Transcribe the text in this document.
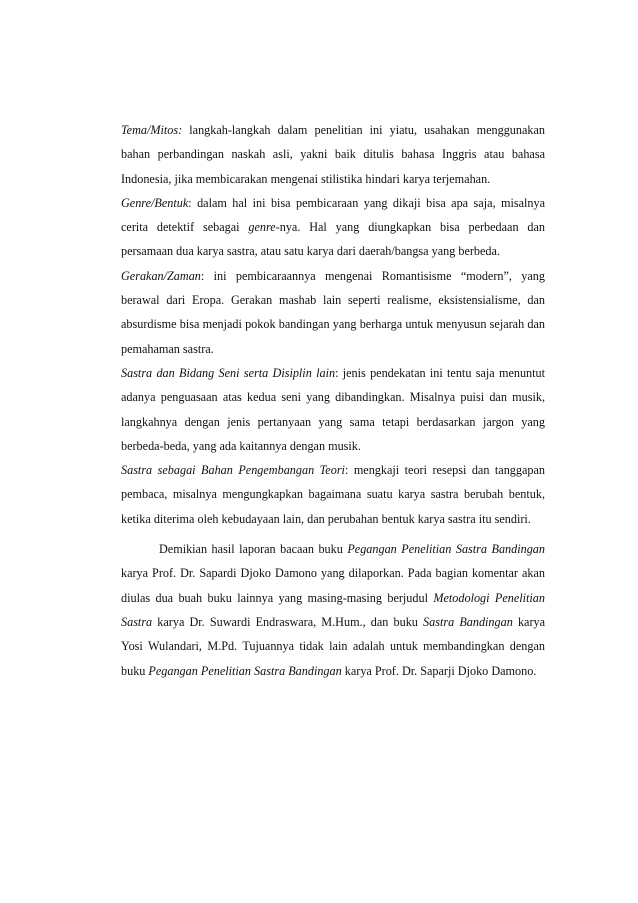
Tema/Mitos: langkah-langkah dalam penelitian ini yiatu, usahakan menggunakan bahan perbandingan naskah asli, yakni baik ditulis bahasa Inggris atau bahasa Indonesia, jika membicarakan mengenai stilistika hindari karya terjemahan.

Genre/Bentuk: dalam hal ini bisa pembicaraan yang dikaji bisa apa saja, misalnya cerita detektif sebagai genre-nya. Hal yang diungkapkan bisa perbedaan dan persamaan dua karya sastra, atau satu karya dari daerah/bangsa yang berbeda.

Gerakan/Zaman: ini pembicaraannya mengenai Romantisisme “modern”, yang berawal dari Eropa. Gerakan mashab lain seperti realisme, eksistensialisme, dan absurdisme bisa menjadi pokok bandingan yang berharga untuk menyusun sejarah dan pemahaman sastra.

Sastra dan Bidang Seni serta Disiplin lain: jenis pendekatan ini tentu saja menuntut adanya penguasaan atas kedua seni yang dibandingkan. Misalnya puisi dan musik, langkahnya dengan jenis pertanyaan yang sama tetapi berdasarkan jargon yang berbeda-beda, yang ada kaitannya dengan musik.

Sastra sebagai Bahan Pengembangan Teori: mengkaji teori resepsi dan tanggapan pembaca, misalnya mengungkapkan bagaimana suatu karya sastra berubah bentuk, ketika diterima oleh kebudayaan lain, dan perubahan bentuk karya sastra itu sendiri.

Demikian hasil laporan bacaan buku Pegangan Penelitian Sastra Bandingan karya Prof. Dr. Sapardi Djoko Damono yang dilaporkan. Pada bagian komentar akan diulas dua buah buku lainnya yang masing-masing berjudul Metodologi Penelitian Sastra karya Dr. Suwardi Endraswara, M.Hum., dan buku Sastra Bandingan karya Yosi Wulandari, M.Pd. Tujuannya tidak lain adalah untuk membandingkan dengan buku Pegangan Penelitian Sastra Bandingan karya Prof. Dr. Saparji Djoko Damono.
